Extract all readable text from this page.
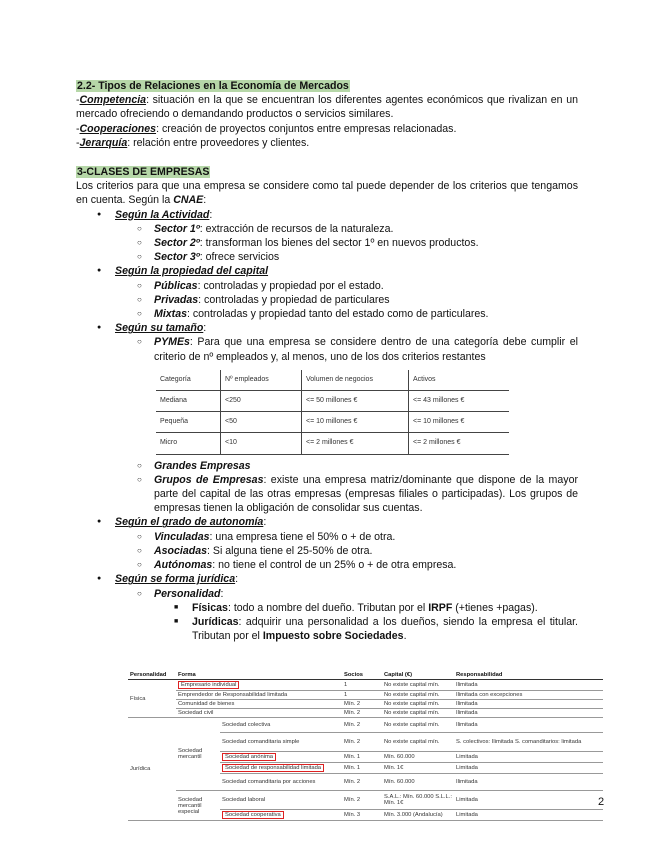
2.2- Tipos de Relaciones en la Economía de Mercados
-Competencia: situación en la que se encuentran los diferentes agentes económicos que rivalizan en un mercado ofreciendo o demandando productos o servicios similares.
-Cooperaciones: creación de proyectos conjuntos entre empresas relacionadas.
-Jerarquía: relación entre proveedores y clientes.
3-CLASES DE EMPRESAS
Los criterios para que una empresa se considere como tal puede depender de los criterios que tengamos en cuenta. Según la CNAE:
● Según la Actividad:
○ Sector 1º: extracción de recursos de la naturaleza.
○ Sector 2º: transforman los bienes del sector 1º en nuevos productos.
○ Sector 3º: ofrece servicios
● Según la propiedad del capital
○ Públicas: controladas y propiedad por el estado.
○ Privadas: controladas y propiedad de particulares
○ Mixtas: controladas y propiedad tanto del estado como de particulares.
● Según su tamaño:
○ PYMEs: Para que una empresa se considere dentro de una categoría debe cumplir el criterio de nº empleados y, al menos, uno de los dos criterios restantes
Categoría	Nº empleados	Volumen de negocios	Activos
Mediana	<250	<= 50 millones €	<= 43 millones €
Pequeña	<50	<= 10 millones €	<= 10 millones €
Micro	<10	<= 2 millones €	<= 2 millones €
○ Grandes Empresas
○ Grupos de Empresas: existe una empresa matriz/dominante que dispone de la mayor parte del capital de las otras empresas (empresas filiales o participadas). Los grupos de empresas tienen la obligación de consolidar sus cuentas.
● Según el grado de autonomía:
○ Vinculadas: una empresa tiene el 50% o + de otra.
○ Asociadas: Si alguna tiene el 25-50% de otra.
○ Autónomas: no tiene el control de un 25% o + de otra empresa.
● Según se forma jurídica:
○ Personalidad:
■ Físicas: todo a nombre del dueño. Tributan por el IRPF (+tienes +pagas).
■ Jurídicas: adquirir una personalidad a los dueños, siendo la empresa el titular. Tributan por el Impuesto sobre Sociedades.
Personalidad	Forma		Socios	Capital (€)	Responsabilidad
Física	Empresario individual		1	No existe capital mín.	Ilimitada
	Emprendedor de Responsabilidad limitada		1	No existe capital mín.	Ilimitada con excepciones
	Comunidad de bienes		Mín. 2	No existe capital mín.	Ilimitada
	Sociedad civil		Mín. 2	No existe capital mín.	Ilimitada
Jurídica	Sociedad mercantil	Sociedad colectiva	Mín. 2	No existe capital mín.	Ilimitada
		Sociedad comanditaria simple	Mín. 2	No existe capital mín.	S. colectivos: Ilimitada S. comanditarios: limitada
		Sociedad anónima	Mín. 1	Mín. 60.000	Limitada
		Sociedad de responsabilidad limitada	Mín. 1	Mín. 1€	Limitada
		Sociedad comanditaria por acciones	Mín. 2	Mín. 60.000	Ilimitada
	Sociedad mercantil especial	Sociedad laboral	Mín. 2	S.A.L.: Mín. 60.000 S.L.L.: Mín. 1€	Limitada
		Sociedad cooperativa	Mín. 3	Mín. 3.000 (Andalucía)	Limitada
2
